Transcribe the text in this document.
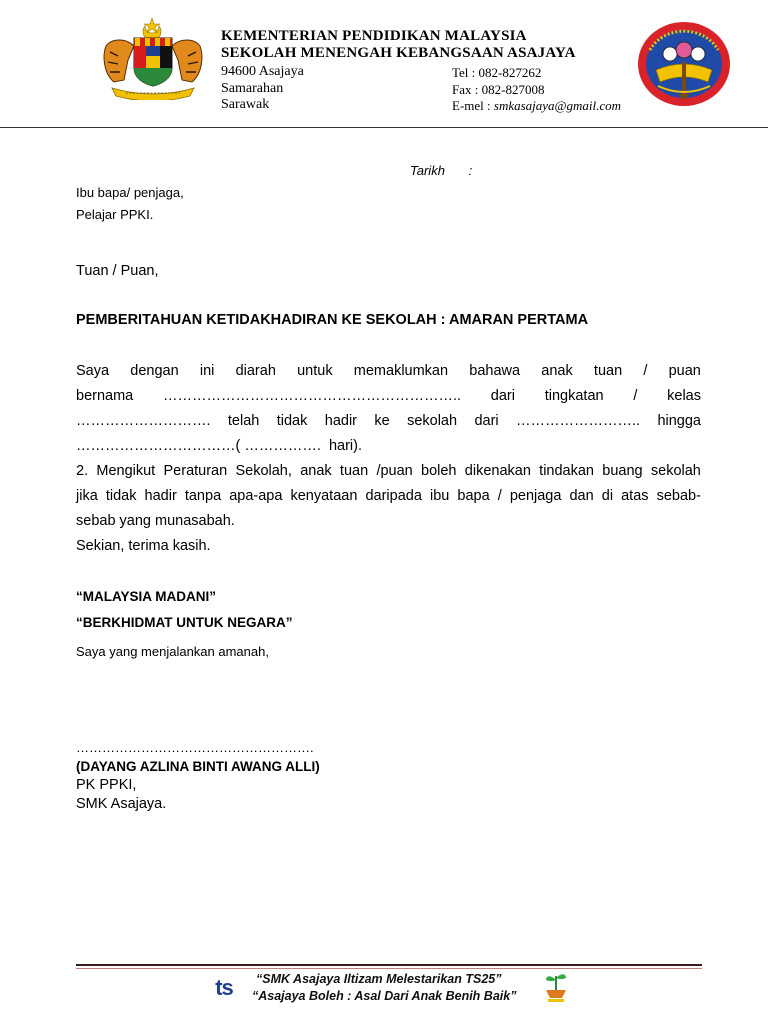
KEMENTERIAN PENDIDIKAN MALAYSIA
SEKOLAH MENENGAH KEBANGSAAN ASAJAYA
94600 Asajaya
Samarahan
Sarawak
Tel : 082-827262
Fax : 082-827008
E-mel : smkasajaya@gmail.com
Tarikh :
Ibu bapa/ penjaga,
Pelajar PPKI.
Tuan / Puan,
PEMBERITAHUAN KETIDAKHADIRAN KE SEKOLAH : AMARAN PERTAMA
Saya dengan ini diarah untuk memaklumkan bahawa anak tuan / puan
bernama …………………………………………………….. dari tingkatan / kelas
………………………. telah tidak hadir ke sekolah dari …………………….. hingga
……………………………( …………….  hari).
2. Mengikut Peraturan Sekolah, anak tuan /puan boleh dikenakan tindakan buang sekolah
jika tidak hadir tanpa apa-apa kenyataan daripada ibu bapa / penjaga dan di atas sebab-
sebab yang munasabah.
Sekian, terima kasih.
“MALAYSIA MADANI”
“BERKHIDMAT UNTUK NEGARA”
Saya yang menjalankan amanah,
……………………………………………….
(DAYANG AZLINA BINTI AWANG ALLI)
PK PPKI,
SMK Asajaya.
ts	“SMK Asajaya Iltizam Melestarikan TS25”
“Asajaya Boleh : Asal Dari Anak Benih Baik”
